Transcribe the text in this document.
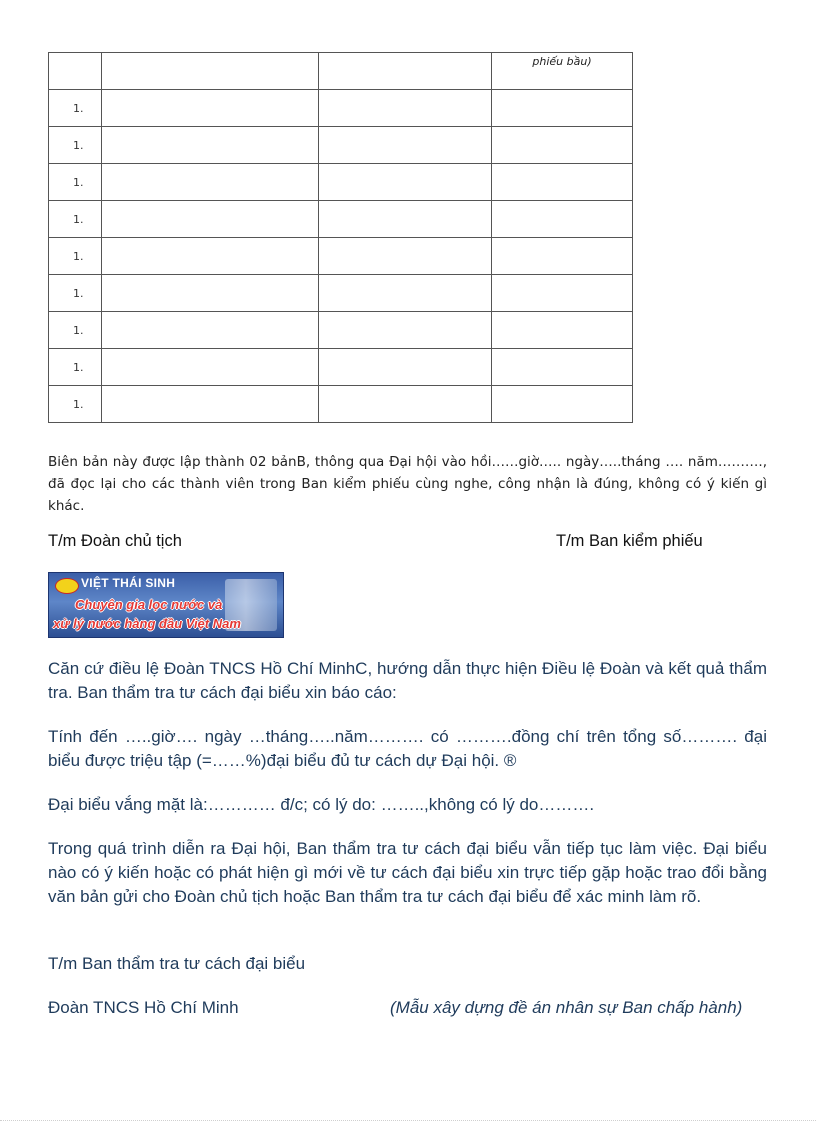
			phiếu bầu)
1.			
1.			
1.			
1.			
1.			
1.			
1.			
1.			
1.			

Biên bản này được lập thành 02 bảnB, thông qua Đại hội vào hồi……giờ….. ngày…..tháng …. năm………., đã đọc lại cho các thành viên trong Ban kiểm phiếu cùng nghe, công nhận là đúng, không có ý kiến gì khác.

T/m Đoàn chủ tịch	T/m Ban kiểm phiếu
VIỆT THÁI SINH
Chuyên gia lọc nước và
xử lý nước hàng đầu Việt Nam

Căn cứ điều lệ Đoàn TNCS Hồ Chí MinhC, hướng dẫn thực hiện Điều lệ Đoàn và kết quả thẩm tra. Ban thẩm tra tư cách đại biểu xin báo cáo:

Tính đến …..giờ…. ngày …tháng…..năm………. có ……….đồng chí trên tổng số………. đại biểu được triệu tập (=……%)đại biểu đủ tư cách dự Đại hội. ®

Đại biểu vắng mặt là:………… đ/c; có lý do: ……..,không có lý do……….

Trong quá trình diễn ra Đại hội, Ban thẩm tra tư cách đại biểu vẫn tiếp tục làm việc. Đại biểu nào có ý kiến hoặc có phát hiện gì mới về tư cách đại biểu xin trực tiếp gặp hoặc trao đổi bằng văn bản gửi cho Đoàn chủ tịch hoặc Ban thẩm tra tư cách đại biểu để xác minh làm rõ.

T/m Ban thẩm tra tư cách đại biểu

Đoàn TNCS Hồ Chí Minh	(Mẫu xây dựng đề án nhân sự Ban chấp hành)
